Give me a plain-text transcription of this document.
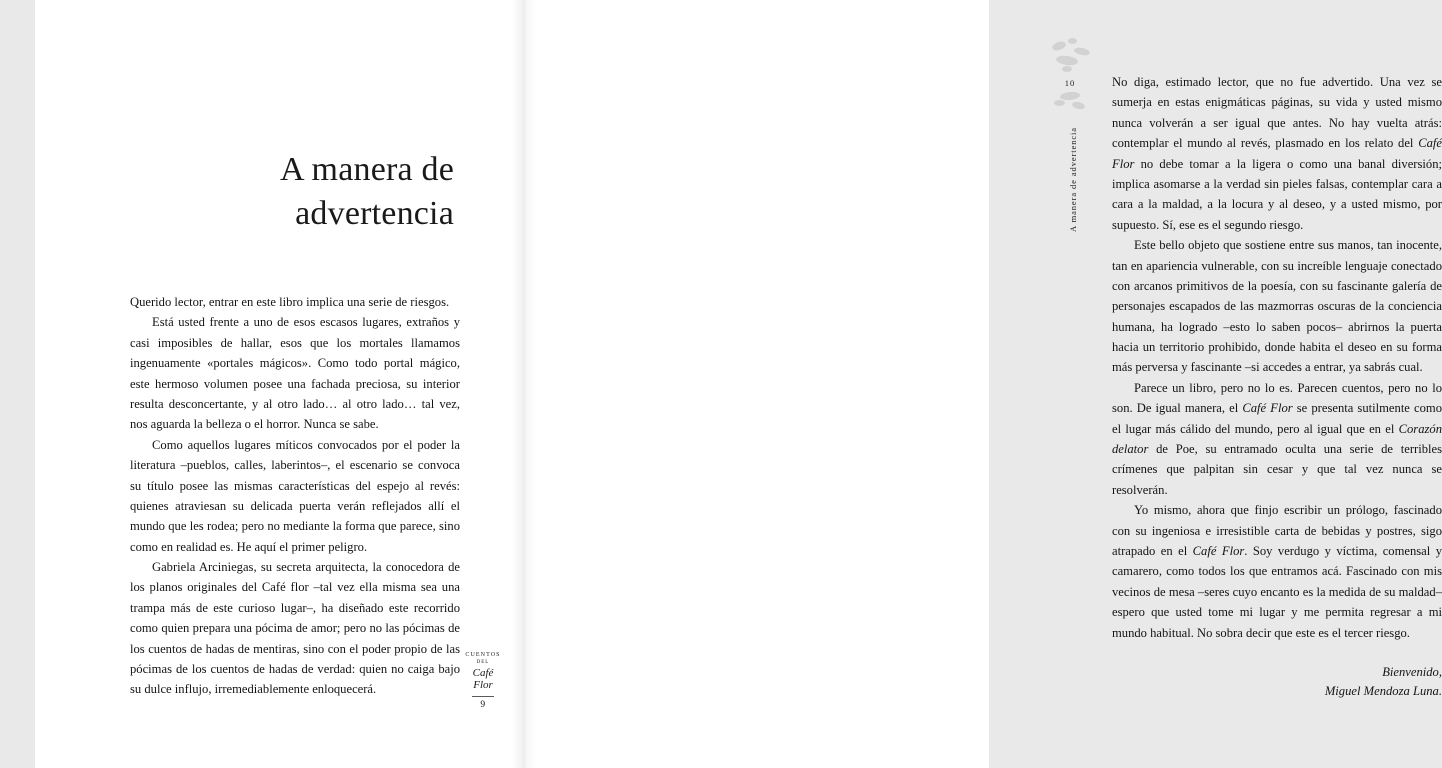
A manera de
advertencia

Querido lector, entrar en este libro implica una serie de riesgos.

Está usted frente a uno de esos escasos lugares, extraños y casi imposibles de hallar, esos que los mortales llamamos ingenuamente «portales mágicos». Como todo portal mágico, este hermoso volumen posee una fachada preciosa, su interior resulta desconcertante, y al otro lado… al otro lado… tal vez, nos aguarda la belleza o el horror. Nunca se sabe.

Como aquellos lugares míticos convocados por el poder la literatura –pueblos, calles, laberintos–, el escenario se convoca su título posee las mismas características del espejo al revés: quienes atraviesan su delicada puerta verán reflejados allí el mundo que les rodea; pero no mediante la forma que parece, sino como en realidad es. He aquí el primer peligro.

Gabriela Arciniegas, su secreta arquitecta, la conocedora de los planos originales del Café flor –tal vez ella misma sea una trampa más de este curioso lugar–, ha diseñado este recorrido como quien prepara una pócima de amor; pero no las pócimas de los cuentos de hadas de mentiras, sino con el poder propio de las pócimas de los cuentos de hadas de verdad: quien no caiga bajo su dulce influjo, irremediablemente enloquecerá.

CUENTOS
DEL
Café
Flor
9
10
A manera de advertencia

No diga, estimado lector, que no fue advertido. Una vez se sumerja en estas enigmáticas páginas, su vida y usted mismo nunca volverán a ser igual que antes. No hay vuelta atrás: contemplar el mundo al revés, plasmado en los relato del Café Flor no debe tomar a la ligera o como una banal diversión; implica asomarse a la verdad sin pieles falsas, contemplar cara a cara a la maldad, a la locura y al deseo, y a usted mismo, por supuesto. Sí, ese es el segundo riesgo.

Este bello objeto que sostiene entre sus manos, tan inocente, tan en apariencia vulnerable, con su increíble lenguaje conectado con arcanos primitivos de la poesía, con su fascinante galería de personajes escapados de las mazmorras oscuras de la conciencia humana, ha logrado –esto lo saben pocos– abrirnos la puerta hacia un territorio prohibido, donde habita el deseo en su forma más perversa y fascinante –si accedes a entrar, ya sabrás cual.

Parece un libro, pero no lo es. Parecen cuentos, pero no lo son. De igual manera, el Café Flor se presenta sutilmente como el lugar más cálido del mundo, pero al igual que en el Corazón delator de Poe, su entramado oculta una serie de terribles crímenes que palpitan sin cesar y que tal vez nunca se resolverán.

Yo mismo, ahora que finjo escribir un prólogo, fascinado con su ingeniosa e irresistible carta de bebidas y postres, sigo atrapado en el Café Flor. Soy verdugo y víctima, comensal y camarero, como todos los que entramos acá. Fascinado con mis vecinos de mesa –seres cuyo encanto es la medida de su maldad– espero que usted tome mi lugar y me permita regresar a mi mundo habitual. No sobra decir que este es el tercer riesgo.

Bienvenido,
Miguel Mendoza Luna.
